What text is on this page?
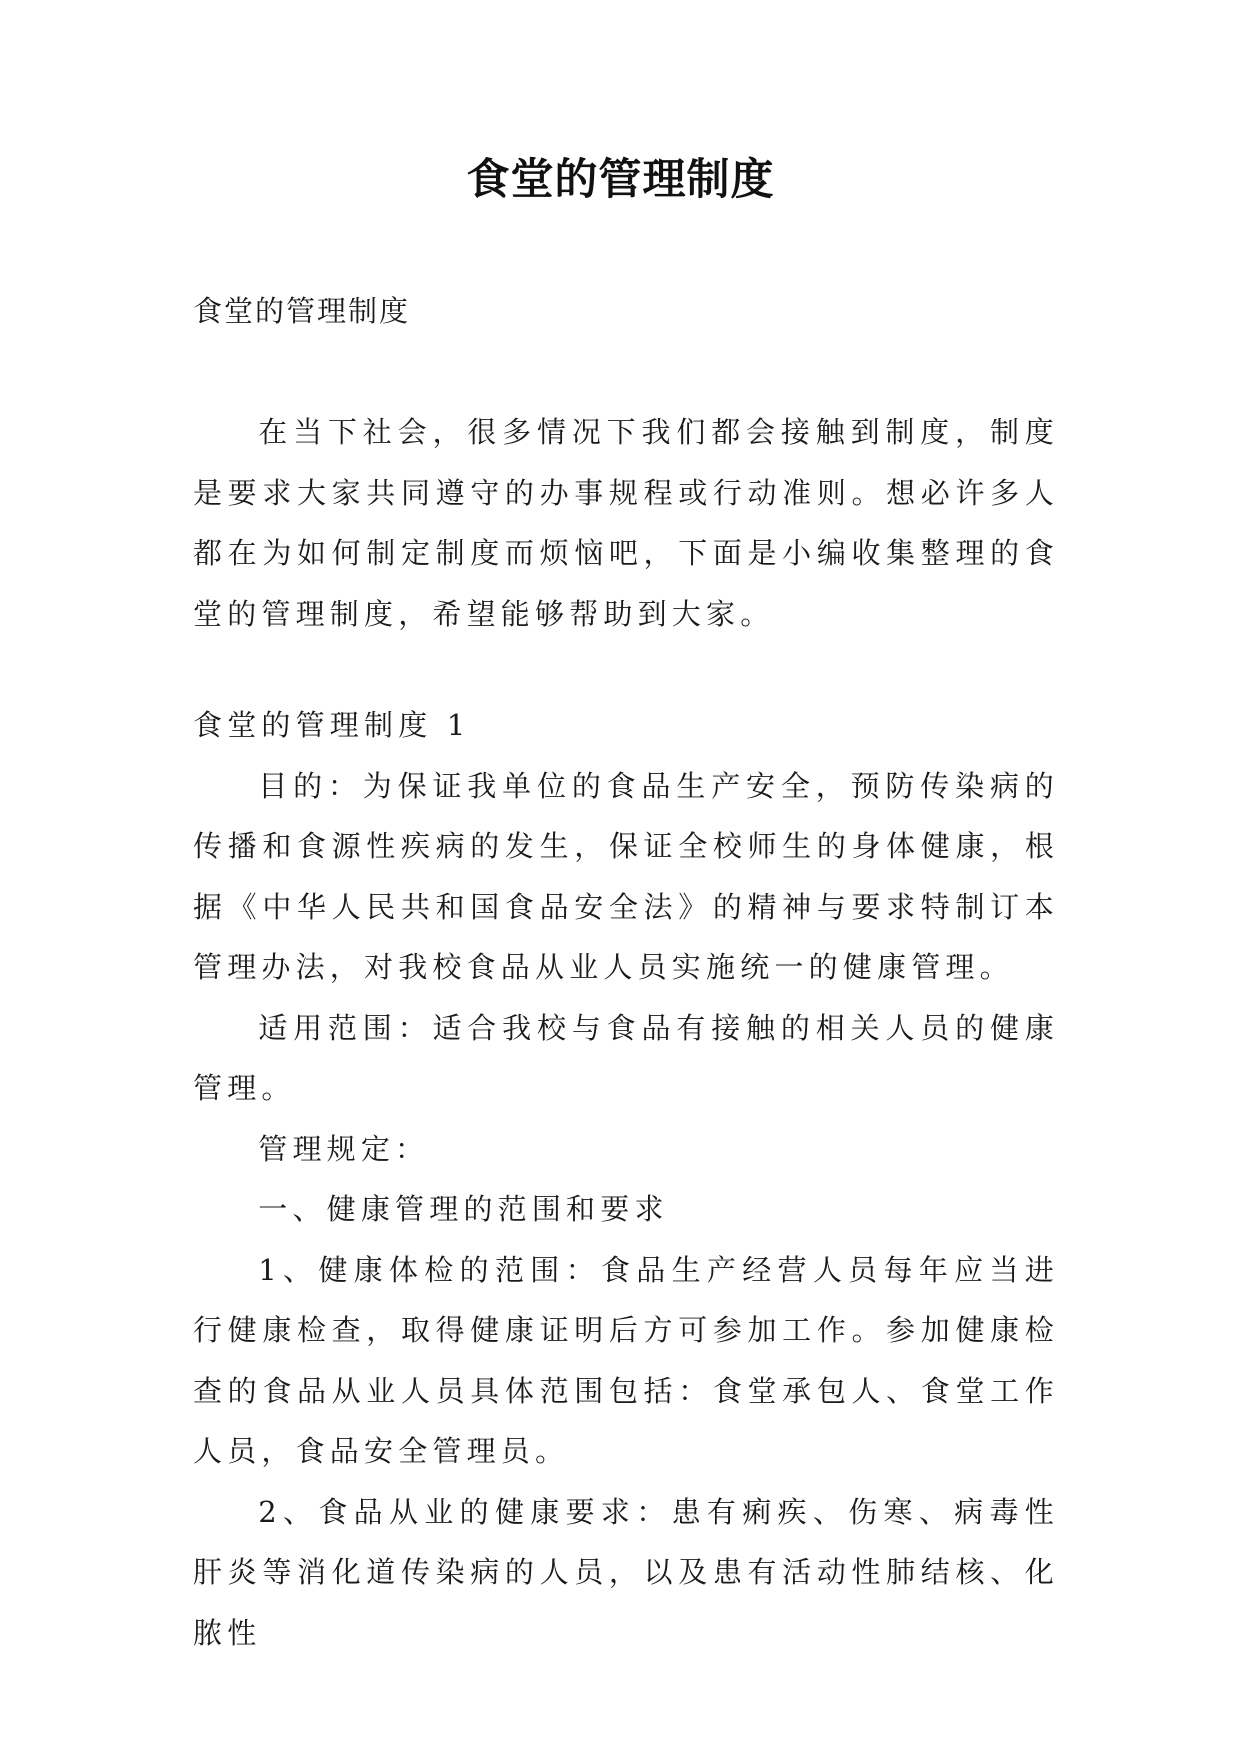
食堂的管理制度
食堂的管理制度

在当下社会，很多情况下我们都会接触到制度，制度是要求大家共同遵守的办事规程或行动准则。想必许多人都在为如何制定制度而烦恼吧，下面是小编收集整理的食堂的管理制度，希望能够帮助到大家。

食堂的管理制度 1

目的：为保证我单位的食品生产安全，预防传染病的传播和食源性疾病的发生，保证全校师生的身体健康，根据《中华人民共和国食品安全法》的精神与要求特制订本管理办法，对我校食品从业人员实施统一的健康管理。

适用范围：适合我校与食品有接触的相关人员的健康管理。

管理规定：

一、健康管理的范围和要求

1、健康体检的范围：食品生产经营人员每年应当进行健康检查，取得健康证明后方可参加工作。参加健康检查的食品从业人员具体范围包括：食堂承包人、食堂工作人员，食品安全管理员。

2、食品从业的健康要求：患有痢疾、伤寒、病毒性肝炎等消化道传染病的人员，以及患有活动性肺结核、化脓性
